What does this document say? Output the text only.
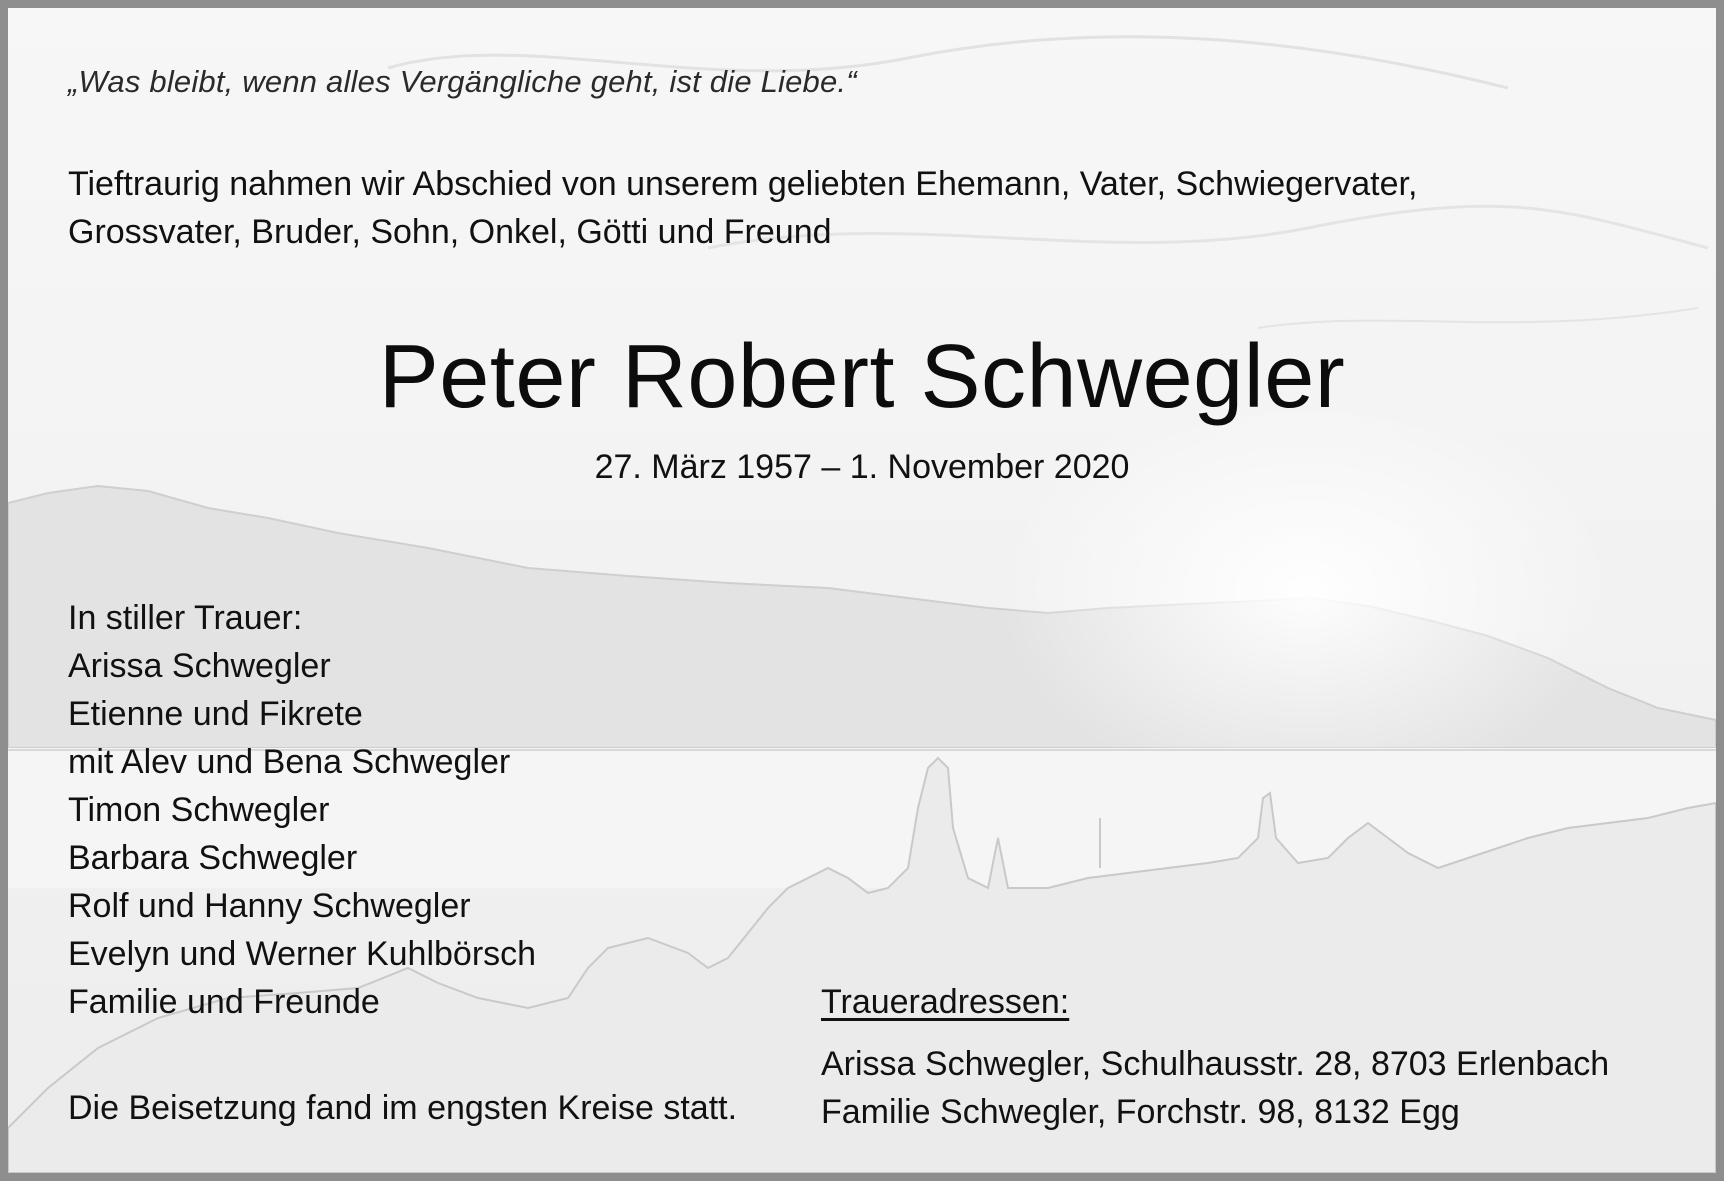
„Was bleibt, wenn alles Vergängliche geht, ist die Liebe.“

Tieftraurig nahmen wir Abschied von unserem geliebten Ehemann, Vater, Schwiegervater,
Grossvater, Bruder, Sohn, Onkel, Götti und Freund

Peter Robert Schwegler

27. März 1957 – 1. November 2020

In stiller Trauer:
Arissa Schwegler
Etienne und Fikrete
mit Alev und Bena Schwegler
Timon Schwegler
Barbara Schwegler
Rolf und Hanny Schwegler
Evelyn und Werner Kuhlbörsch
Familie und Freunde

Die Beisetzung fand im engsten Kreise statt.

Traueradressen:

Arissa Schwegler, Schulhausstr. 28, 8703 Erlenbach
Familie Schwegler, Forchstr. 98, 8132 Egg
